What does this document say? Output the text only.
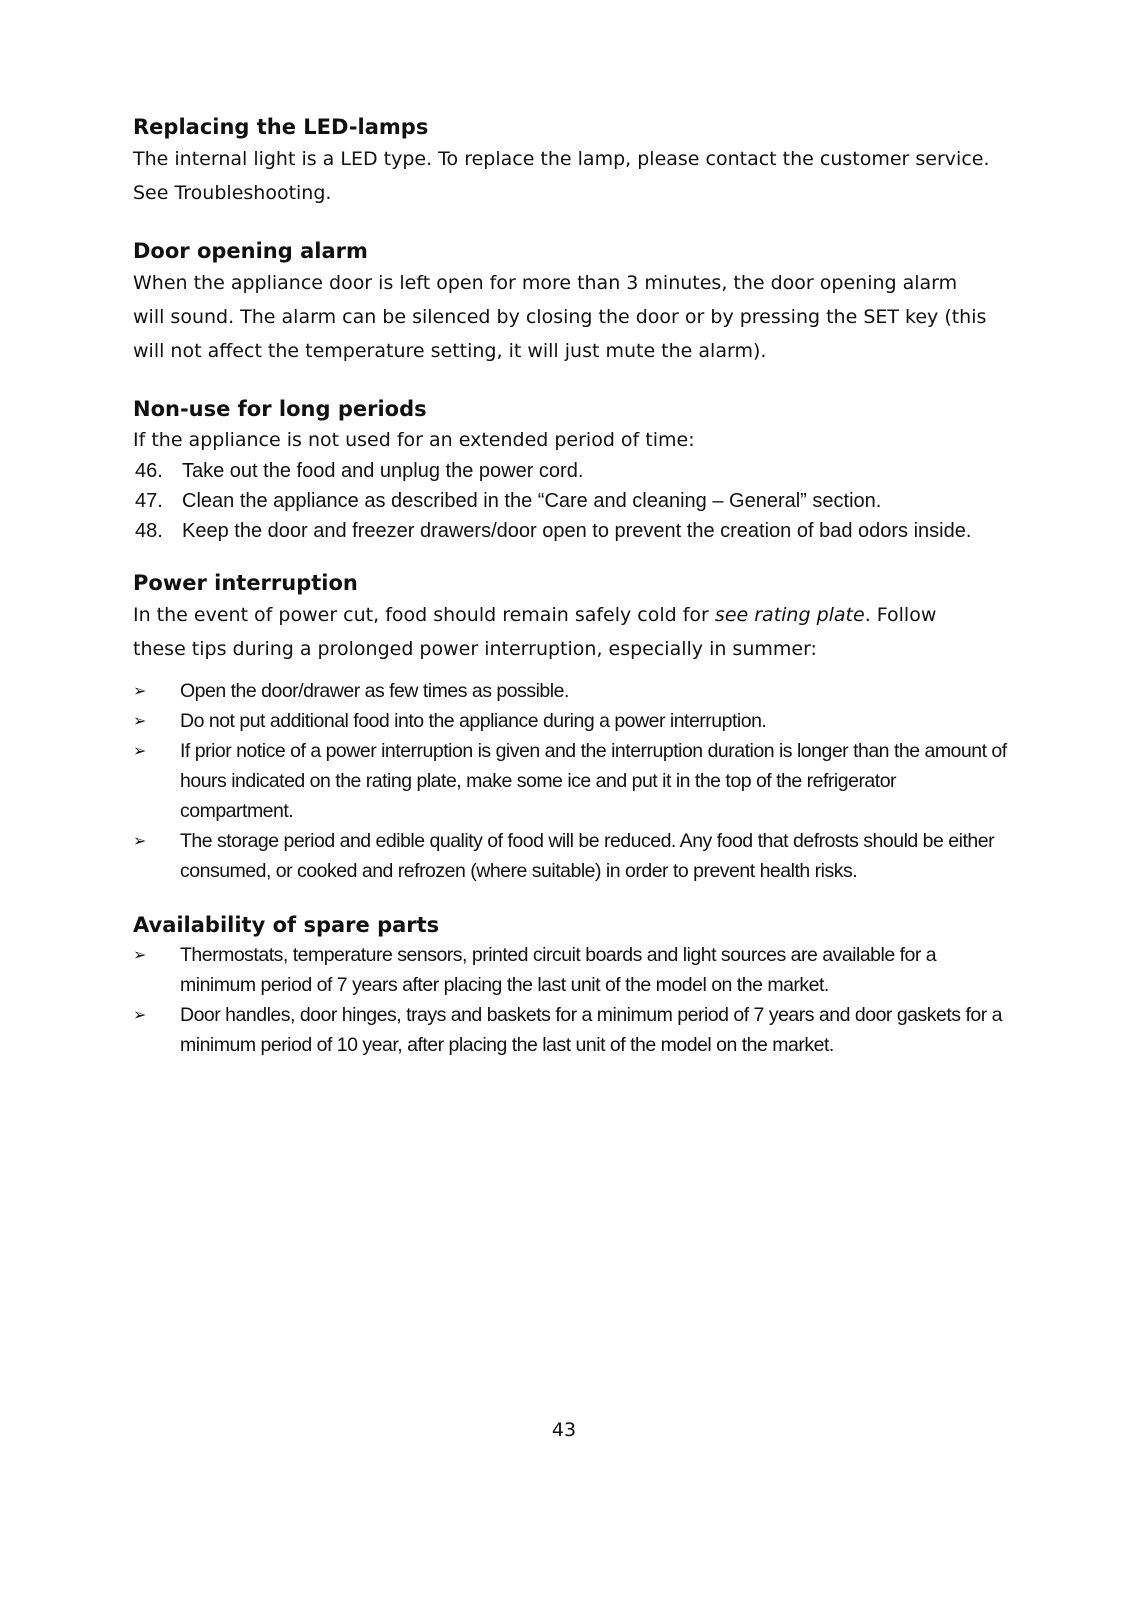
Replacing the LED-lamps

The internal light is a LED type. To replace the lamp, please contact the customer service.

See Troubleshooting.

Door opening alarm

When the appliance door is left open for more than 3 minutes, the door opening alarm

will sound. The alarm can be silenced by closing the door or by pressing the SET key (this

will not affect the temperature setting, it will just mute the alarm).

Non-use for long periods

If the appliance is not used for an extended period of time:

46. Take out the food and unplug the power cord.
47. Clean the appliance as described in the “Care and cleaning – General” section.
48. Keep the door and freezer drawers/door open to prevent the creation of bad odors inside.
Power interruption

In the event of power cut, food should remain safely cold for see rating plate. Follow

these tips during a prolonged power interruption, especially in summer:

➢	Open the door/drawer as few times as possible.
➢	Do not put additional food into the appliance during a power interruption.
➢	If prior notice of a power interruption is given and the interruption duration is longer than the amount of hours indicated on the rating plate, make some ice and put it in the top of the refrigerator compartment.
➢	The storage period and edible quality of food will be reduced. Any food that defrosts should be either consumed, or cooked and refrozen (where suitable) in order to prevent health risks.
Availability of spare parts
➢	Thermostats, temperature sensors, printed circuit boards and light sources are available for a minimum period of 7 years after placing the last unit of the model on the market.
➢	Door handles, door hinges, trays and baskets for a minimum period of 7 years and door gaskets for a minimum period of 10 year, after placing the last unit of the model on the market.
43
